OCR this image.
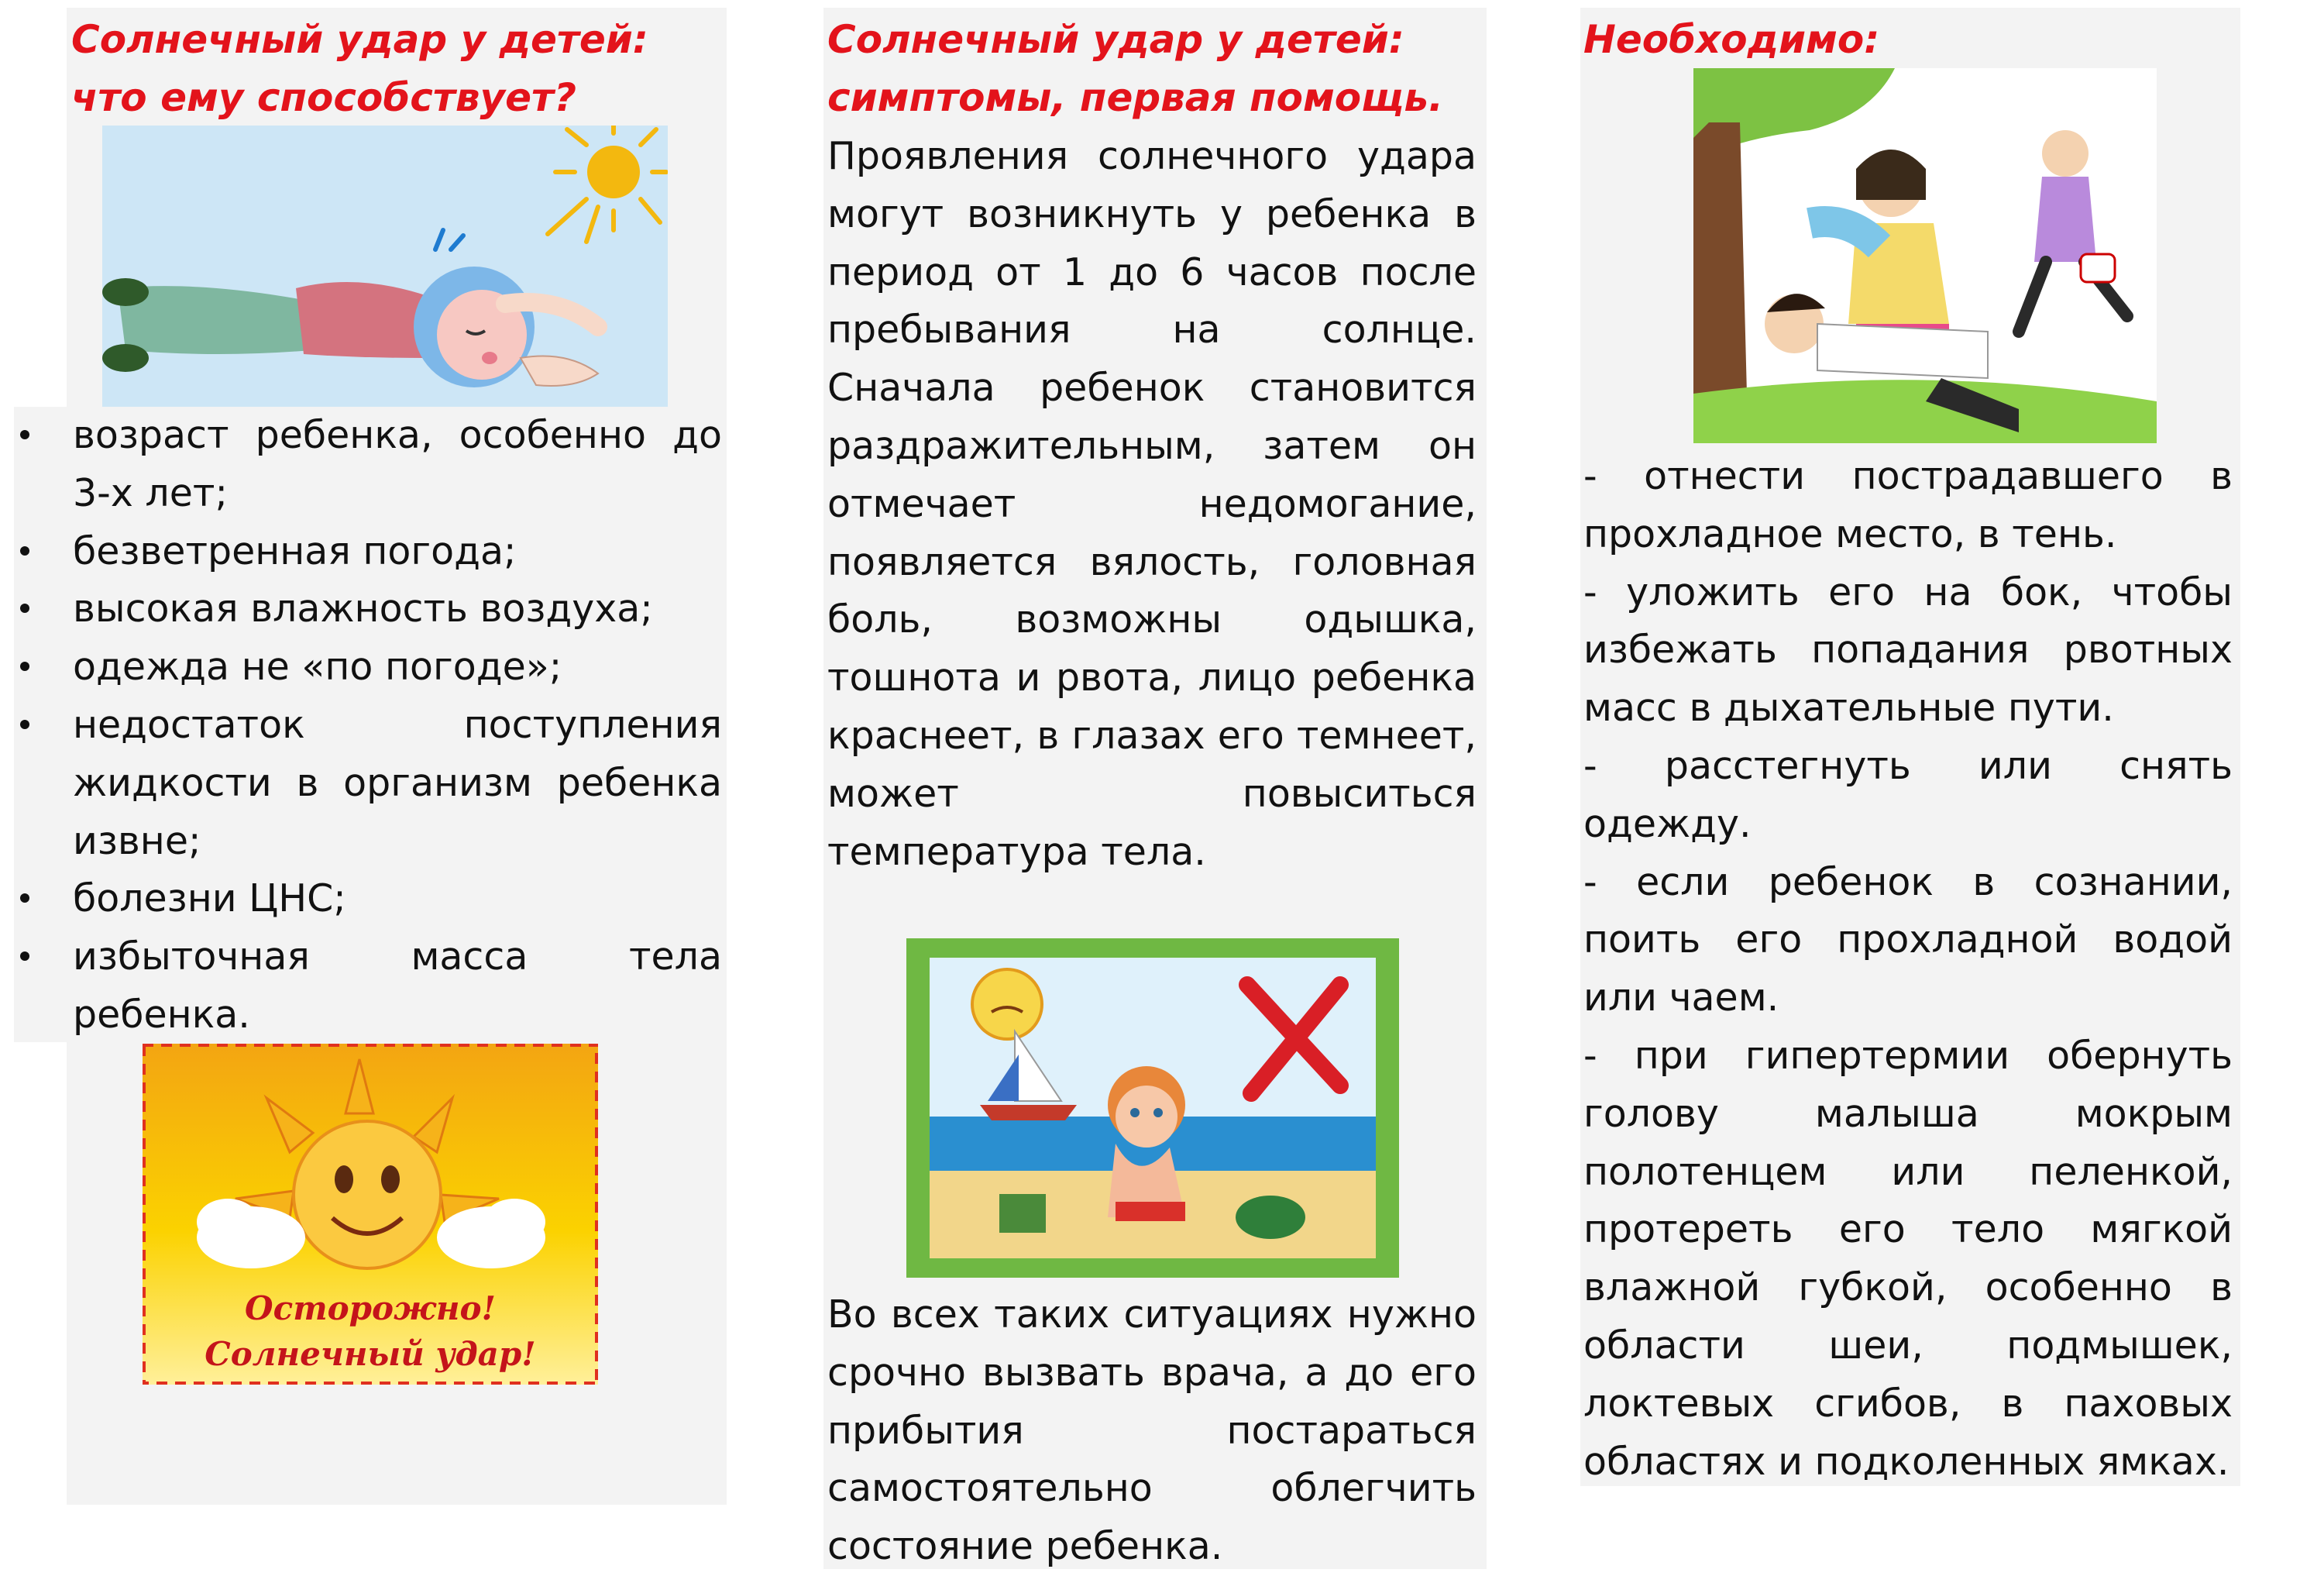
Солнечный удар у детей: что ему способствует?
возраст ребенка, особенно до 3-х лет;
безветренная погода;
высокая влажность воздуха;
одежда не «по погоде»;
недостаток поступления жидкости в организм ребенка извне;
болезни ЦНС;
избыточная масса тела ребенка.
Осторожно!
Солнечный удар!
Солнечный удар у детей: симптомы, первая помощь.

Проявления солнечного удара могут возникнуть у ребенка в период от 1 до 6 часов после пребывания на солнце. Сначала ребенок становится раздражительным, затем он отмечает недомогание, появляется вялость, головная боль, возможны одышка, тошнота и рвота, лицо ребенка краснеет, в глазах его темнеет, может повыситься температура тела.

Во всех таких ситуациях нужно срочно вызвать врача, а до его прибытия постараться самостоятельно облегчить состояние ребенка.

Необходимо:

- отнести пострадавшего в прохладное место, в тень.

- уложить его на бок, чтобы избежать попадания рвотных масс в дыхательные пути.

- расстегнуть или снять одежду.

- если ребенок в сознании, поить его прохладной водой или чаем.

- при гипертермии обернуть голову малыша мокрым полотенцем или пеленкой, протереть его тело мягкой влажной губкой, особенно в области шеи, подмышек, локтевых сгибов, в паховых областях и подколенных ямках.
